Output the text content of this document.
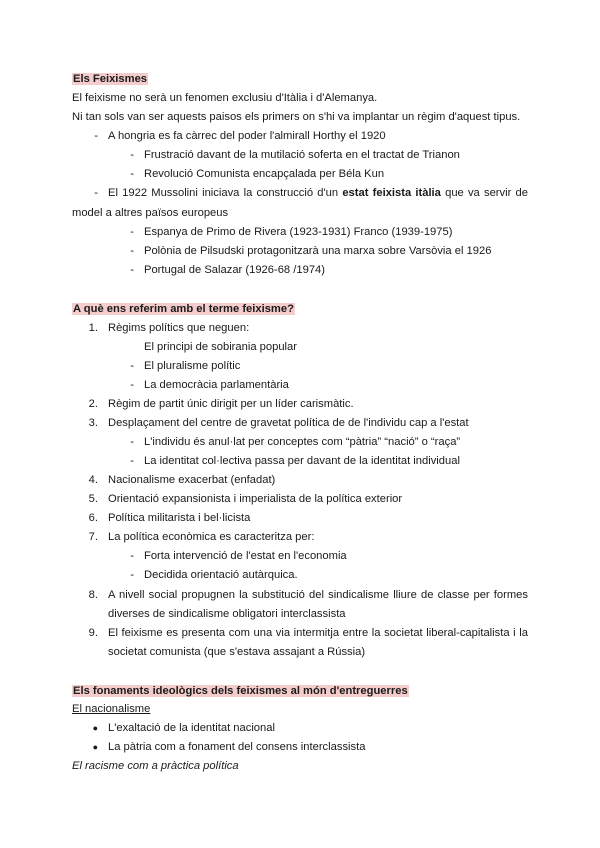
Els Feixismes
El feixisme no serà un fenomen exclusiu d'Itàlia i d'Alemanya.
Ni tan sols van ser aquests paisos els primers on s'hi va implantar un règim d'aquest tipus.
- A hongria es fa càrrec del poder l'almirall Horthy el 1920
- Frustració davant de la mutilació soferta en el tractat de Trianon
- Revolució Comunista encapçalada per Béla Kun
- El 1922 Mussolini iniciava la construcció d'un estat feixista itàlia que va servir de
model a altres països europeus
- Espanya de Primo de Rivera (1923-1931) Franco (1939-1975)
- Polònia de Pilsudski protagonitzarà una marxa sobre Varsòvia el 1926
- Portugal de Salazar (1926-68 /1974)
A què ens referim amb el terme feixisme?
1. Règims polítics que neguen:
El principi de sobirania popular
- El pluralisme polític
- La democràcia parlamentària
2. Règim de partit únic dirigit per un líder carismàtic.
3. Desplaçament del centre de gravetat política de de l'individu cap a l'estat
- L'individu és anul·lat per conceptes com “pàtria” “nació” o “raça”
- La identitat col·lectiva passa per davant de la identitat individual
4. Nacionalisme exacerbat (enfadat)
5. Orientació expansionista i imperialista de la política exterior
6. Política militarista i bel·licista
7. La política econòmica es caracteritza per:
- Forta intervenció de l'estat en l'economia
- Decidida orientació autàrquica.
8. A nivell social propugnen la substitució del sindicalisme lliure de classe per formes
diverses de sindicalisme obligatori interclassista
9. El feixisme es presenta com una via intermitja entre la societat liberal-capitalista i la
societat comunista (que s'estava assajant a Rússia)
Els fonaments ideològics dels feixismes al món d'entreguerres
El nacionalisme
● L'exaltació de la identitat nacional
● La pàtria com a fonament del consens interclassista
El racisme com a pràctica política
